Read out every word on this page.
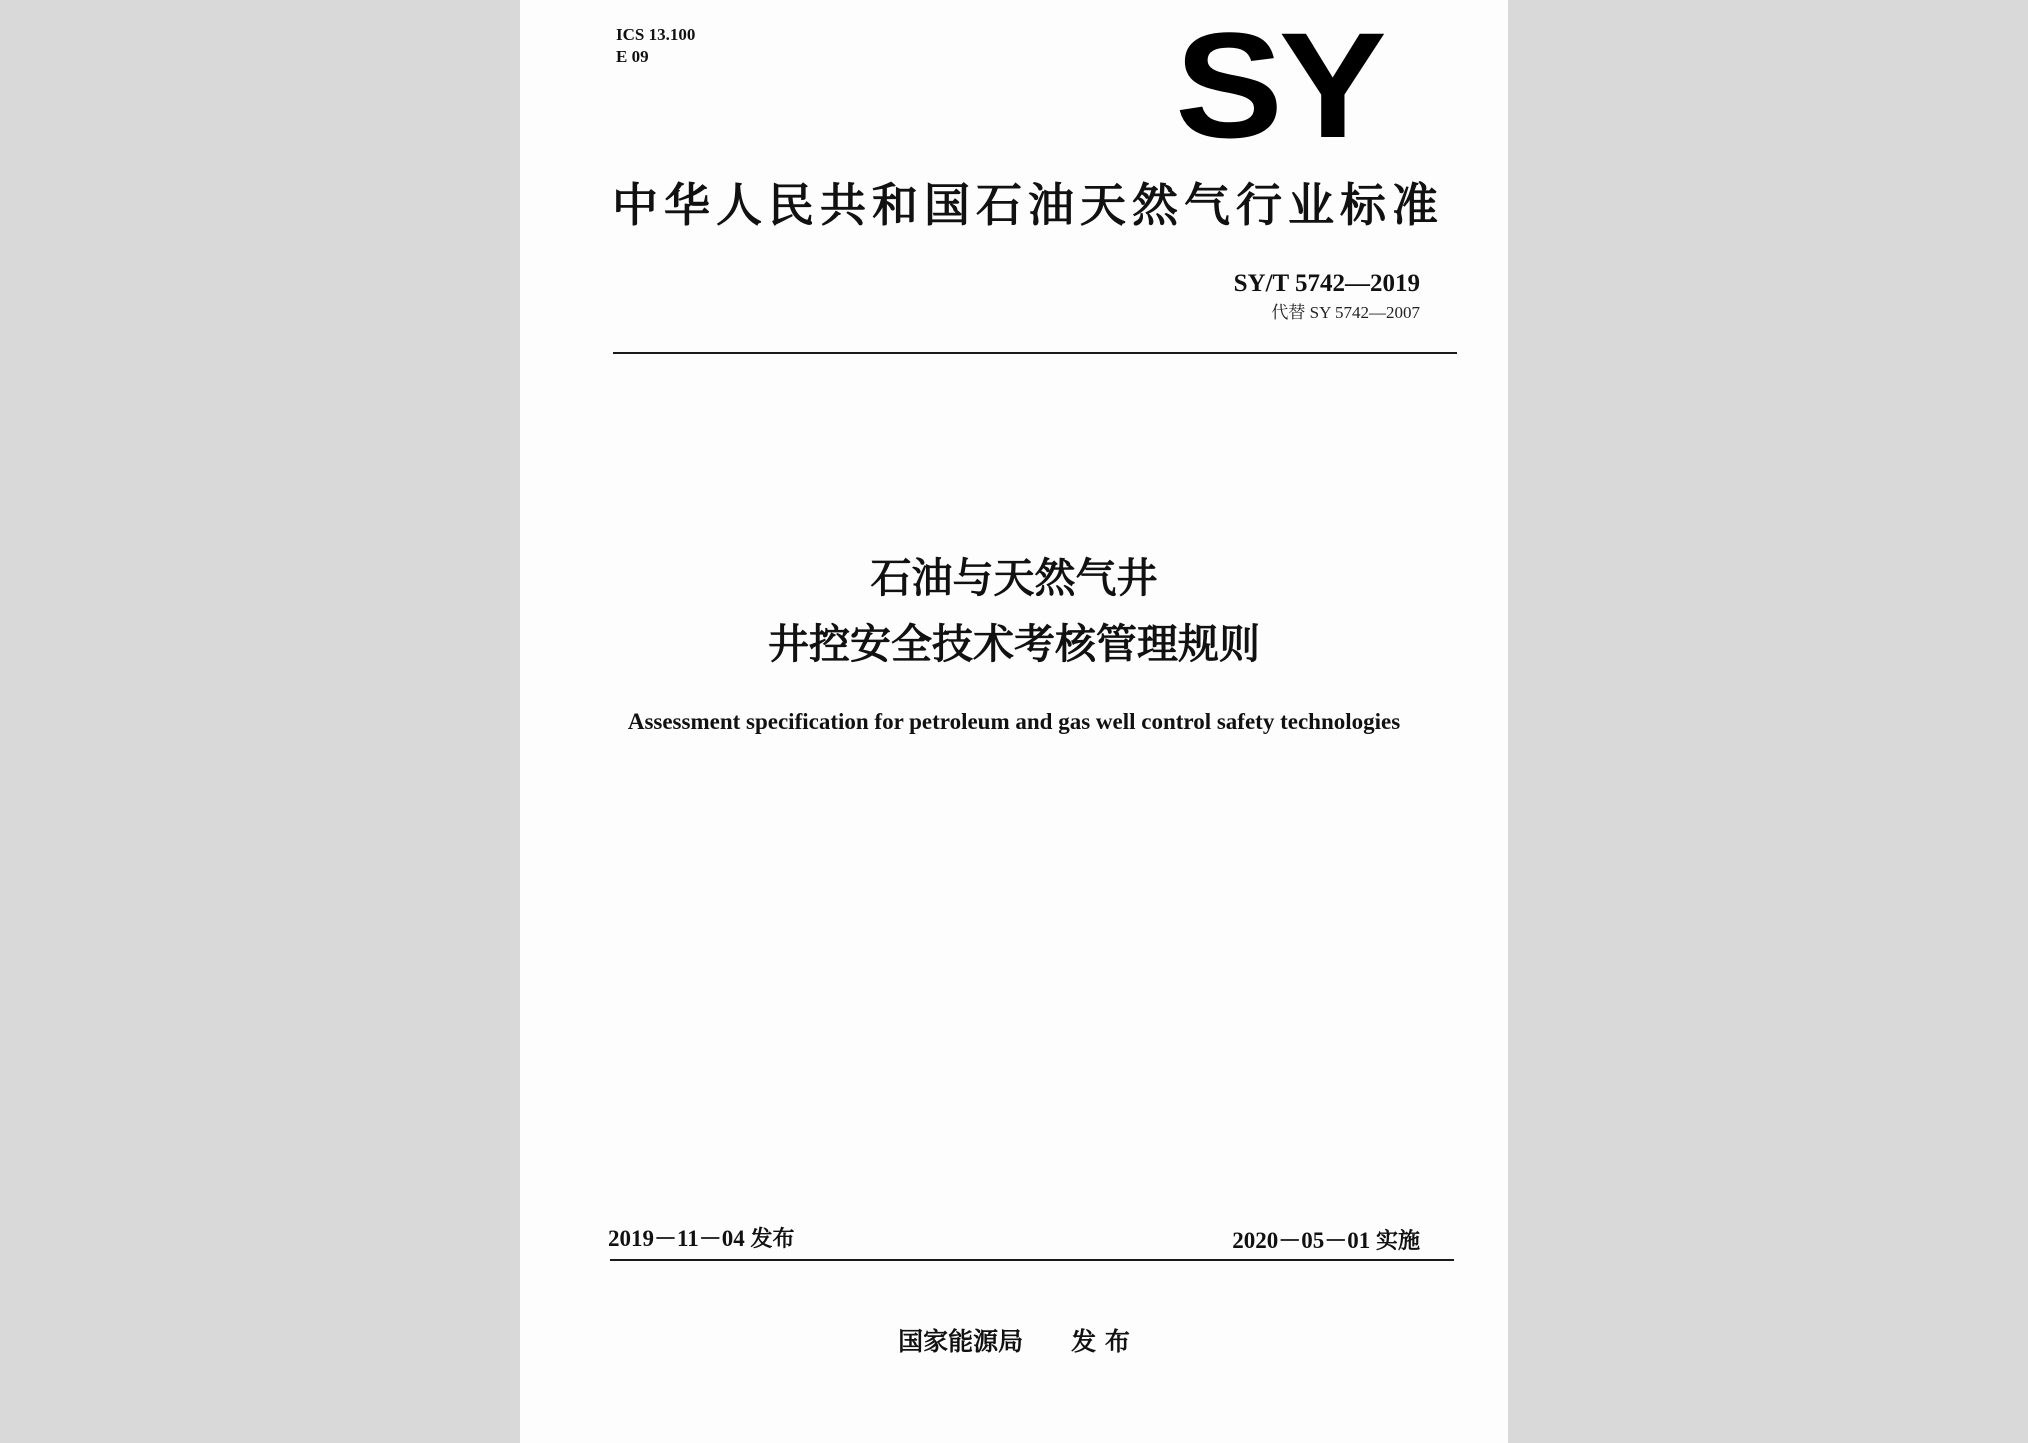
ICS 13.100
E 09	SY
中华人民共和国石油天然气行业标准
SY/T 5742—2019
代替 SY 5742—2007
石油与天然气井
井控安全技术考核管理规则
Assessment specification for petroleum and gas well control safety technologies
2019－11－04 发布	2020－05－01 实施
国家能源局 发 布
